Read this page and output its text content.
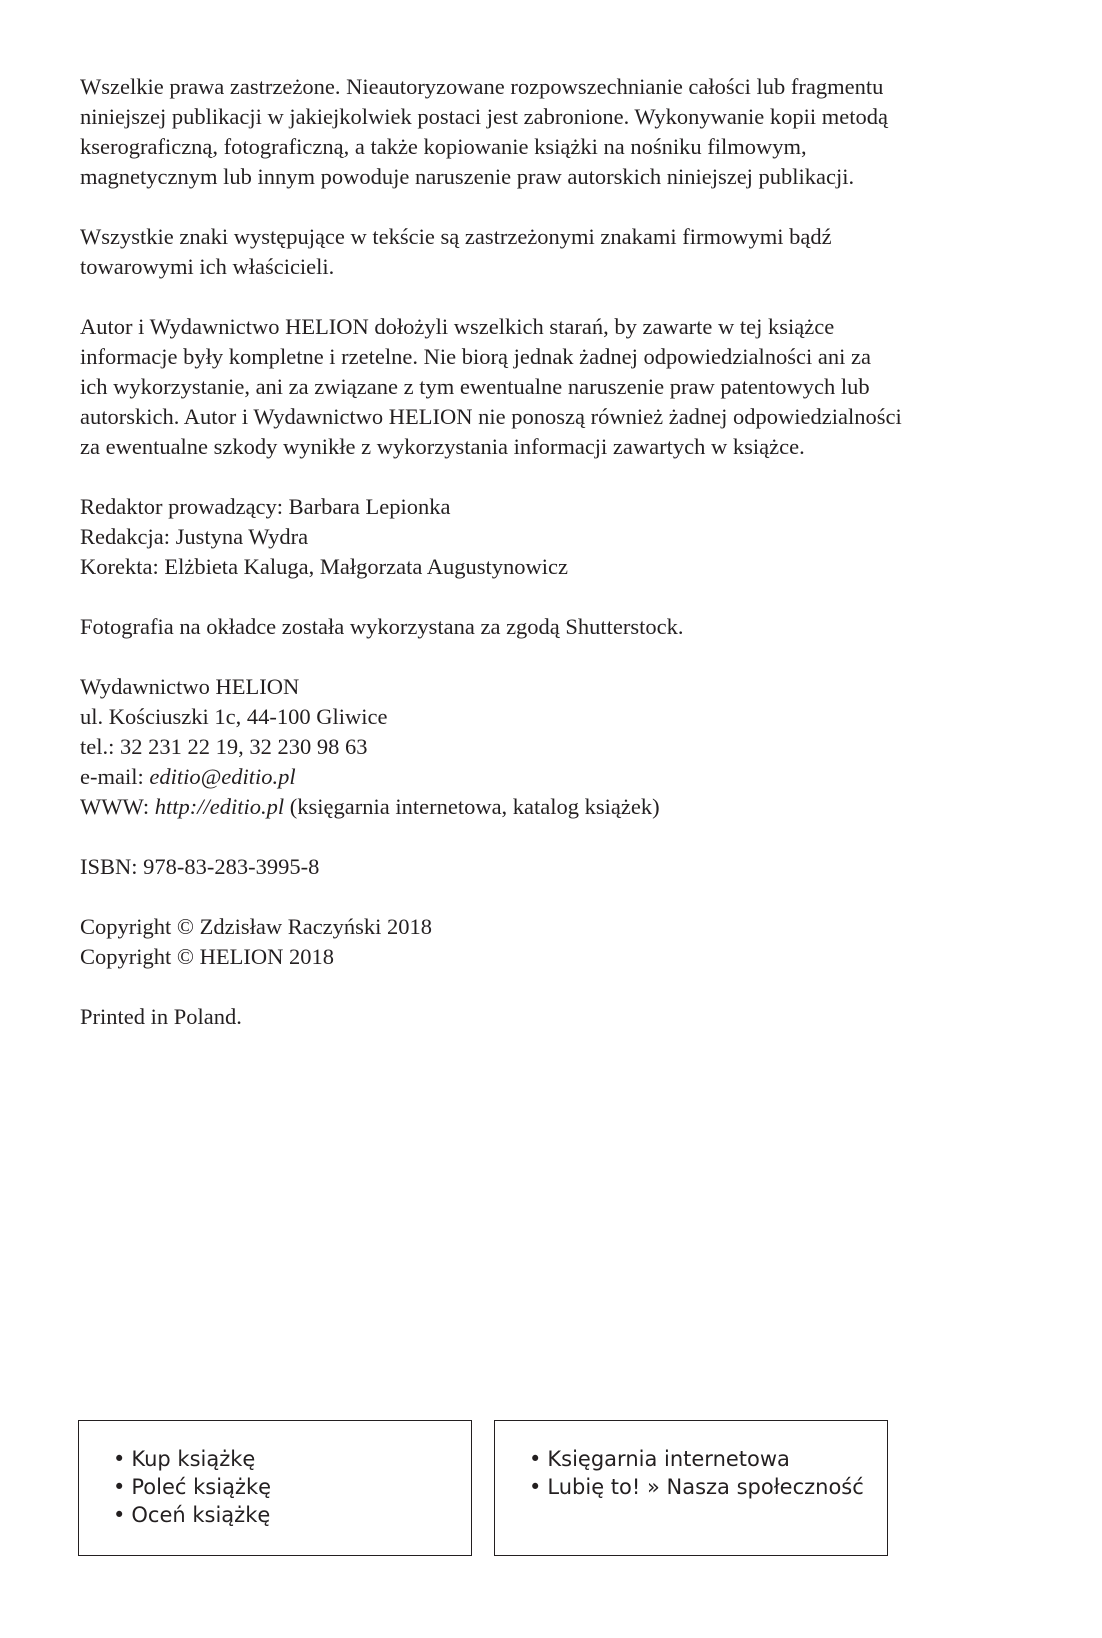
Wszelkie prawa zastrzeżone. Nieautoryzowane rozpowszechnianie całości lub fragmentu
niniejszej publikacji w jakiejkolwiek postaci jest zabronione. Wykonywanie kopii metodą
kserograficzną, fotograficzną, a także kopiowanie książki na nośniku filmowym,
magnetycznym lub innym powoduje naruszenie praw autorskich niniejszej publikacji.

Wszystkie znaki występujące w tekście są zastrzeżonymi znakami firmowymi bądź
towarowymi ich właścicieli.

Autor i Wydawnictwo HELION dołożyli wszelkich starań, by zawarte w tej książce
informacje były kompletne i rzetelne. Nie biorą jednak żadnej odpowiedzialności ani za
ich wykorzystanie, ani za związane z tym ewentualne naruszenie praw patentowych lub
autorskich. Autor i Wydawnictwo HELION nie ponoszą również żadnej odpowiedzialności
za ewentualne szkody wynikłe z wykorzystania informacji zawartych w książce.

Redaktor prowadzący: Barbara Lepionka
Redakcja: Justyna Wydra
Korekta: Elżbieta Kaluga, Małgorzata Augustynowicz

Fotografia na okładce została wykorzystana za zgodą Shutterstock.

Wydawnictwo HELION
ul. Kościuszki 1c, 44-100 Gliwice
tel.: 32 231 22 19, 32 230 98 63
e-mail: editio@editio.pl
WWW: http://editio.pl (księgarnia internetowa, katalog książek)

ISBN: 978-83-283-3995-8

Copyright © Zdzisław Raczyński 2018
Copyright © HELION 2018

Printed in Poland.

• Kup książkę
• Poleć książkę
• Oceń książkę
• Księgarnia internetowa
• Lubię to! » Nasza społeczność
